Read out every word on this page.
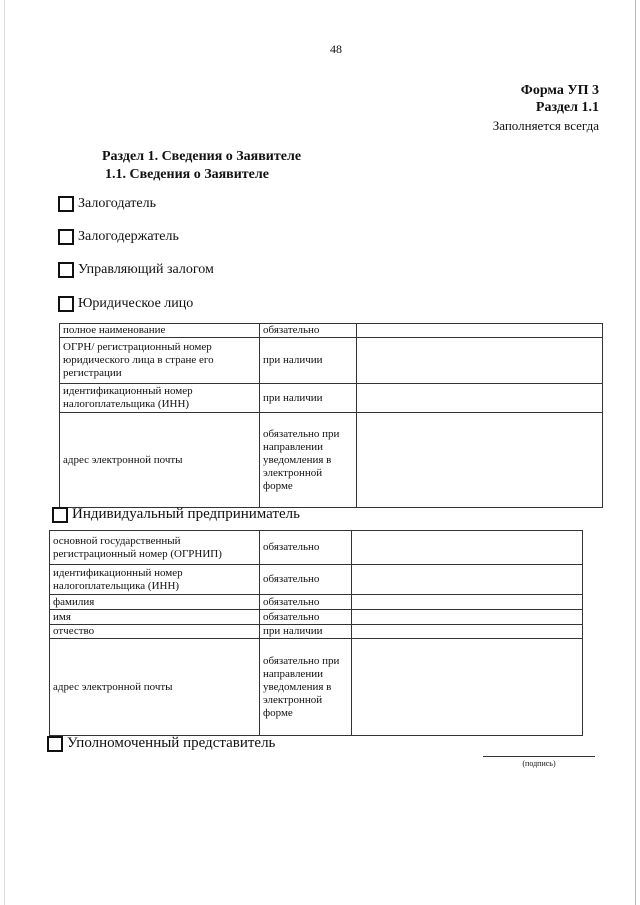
48
Форма УП 3
Раздел 1.1
Заполняется всегда
Раздел 1. Сведения о Заявителе
1.1. Сведения о Заявителе
Залогодатель
Залогодержатель
Управляющий залогом
Юридическое лицо
полное наименование	обязательно	
ОГРН/ регистрационный номер юридического лица в стране его регистрации	при наличии	
идентификационный номер налогоплательщика (ИНН)	при наличии	
адрес электронной почты	обязательно при направлении уведомления в электронной форме	
Индивидуальный предприниматель
основной государственный регистрационный номер (ОГРНИП)	обязательно	
идентификационный номер налогоплательщика (ИНН)	обязательно	
фамилия	обязательно	
имя	обязательно	
отчество	при наличии	
адрес электронной почты	обязательно при направлении уведомления в электронной форме	
Уполномоченный представитель
(подпись)
